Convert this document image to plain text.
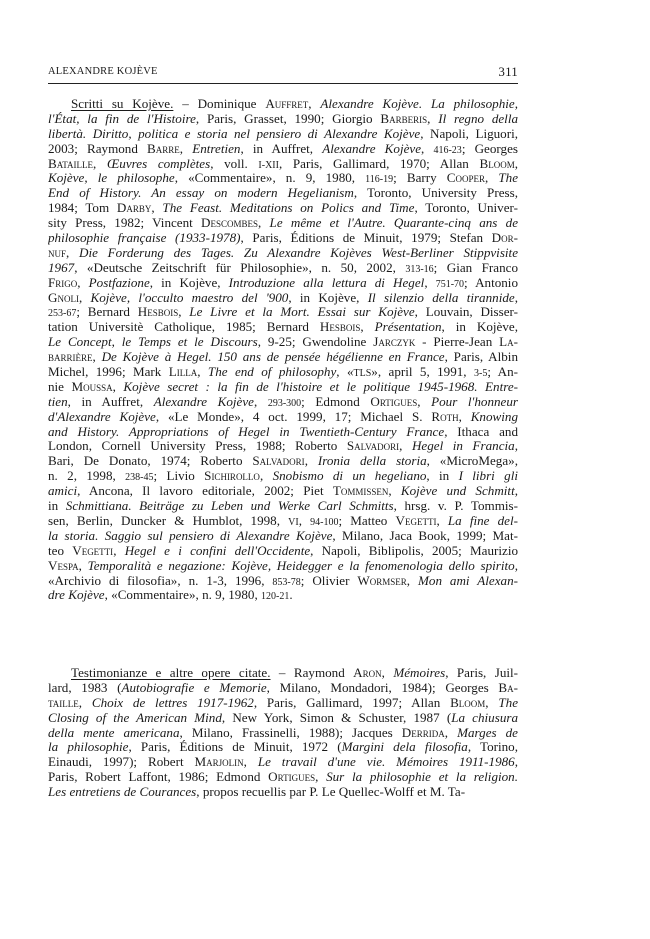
ALEXANDRE KOJÈVE	311
Scritti su Kojève. – Dominique Auffret, Alexandre Kojève. La philosophie,
l'État, la fin de l'Histoire, Paris, Grasset, 1990; Giorgio Barberis, Il regno della
libertà. Diritto, politica e storia nel pensiero di Alexandre Kojève, Napoli, Liguori,
2003; Raymond Barre, Entretien, in Auffret, Alexandre Kojève, 416-23; Georges
Bataille, Œuvres complètes, voll. I-XII, Paris, Gallimard, 1970; Allan Bloom,
Kojève, le philosophe, «Commentaire», n. 9, 1980, 116-19; Barry Cooper, The
End of History. An essay on modern Hegelianism, Toronto, University Press,
1984; Tom Darby, The Feast. Meditations on Polics and Time, Toronto, Univer-
sity Press, 1982; Vincent Descombes, Le même et l'Autre. Quarante-cinq ans de
philosophie française (1933-1978), Paris, Éditions de Minuit, 1979; Stefan Dor-
nuf, Die Forderung des Tages. Zu Alexandre Kojèves West-Berliner Stippvisite
1967, «Deutsche Zeitschrift für Philosophie», n. 50, 2002, 313-16; Gian Franco
Frigo, Postfazione, in Kojève, Introduzione alla lettura di Hegel, 751-70; Antonio
Gnoli, Kojève, l'occulto maestro del '900, in Kojève, Il silenzio della tirannide,
253-67; Bernard Hesbois, Le Livre et la Mort. Essai sur Kojève, Louvain, Disser-
tation Universitè Catholique, 1985; Bernard Hesbois, Présentation, in Kojève,
Le Concept, le Temps et le Discours, 9-25; Gwendoline Jarczyk - Pierre-Jean La-
barrière, De Kojève à Hegel. 150 ans de pensée hégélienne en France, Paris, Albin
Michel, 1996; Mark Lilla, The end of philosophy, «TLS», april 5, 1991, 3-5; An-
nie Moussa, Kojève secret : la fin de l'histoire et le politique 1945-1968. Entre-
tien, in Auffret, Alexandre Kojève, 293-300; Edmond Ortigues, Pour l'honneur
d'Alexandre Kojève, «Le Monde», 4 oct. 1999, 17; Michael S. Roth, Knowing
and History. Appropriations of Hegel in Twentieth-Century France, Ithaca and
London, Cornell University Press, 1988; Roberto Salvadori, Hegel in Francia,
Bari, De Donato, 1974; Roberto Salvadori, Ironia della storia, «MicroMega»,
n. 2, 1998, 238-45; Livio Sichirollo, Snobismo di un hegeliano, in I libri gli
amici, Ancona, Il lavoro editoriale, 2002; Piet Tommissen, Kojève und Schmitt,
in Schmittiana. Beiträge zu Leben und Werke Carl Schmitts, hrsg. v. P. Tommis-
sen, Berlin, Duncker & Humblot, 1998, VI, 94-100; Matteo Vegetti, La fine del-
la storia. Saggio sul pensiero di Alexandre Kojève, Milano, Jaca Book, 1999; Mat-
teo Vegetti, Hegel e i confini dell'Occidente, Napoli, Biblipolis, 2005; Maurizio
Vespa, Temporalità e negazione: Kojève, Heidegger e la fenomenologia dello spirito,
«Archivio di filosofia», n. 1-3, 1996, 853-78; Olivier Wormser, Mon ami Alexan-
dre Kojève, «Commentaire», n. 9, 1980, 120-21.
Testimonianze e altre opere citate. – Raymond Aron, Mémoires, Paris, Juil-
lard, 1983 (Autobiografie e Memorie, Milano, Mondadori, 1984); Georges Ba-
taille, Choix de lettres 1917-1962, Paris, Gallimard, 1997; Allan Bloom, The
Closing of the American Mind, New York, Simon & Schuster, 1987 (La chiusura
della mente americana, Milano, Frassinelli, 1988); Jacques Derrida, Marges de
la philosophie, Paris, Éditions de Minuit, 1972 (Margini dela filosofia, Torino,
Einaudi, 1997); Robert Marjolin, Le travail d'une vie. Mémoires 1911-1986,
Paris, Robert Laffont, 1986; Edmond Ortigues, Sur la philosophie et la religion.
Les entretiens de Courances, propos recuellis par P. Le Quellec-Wolff et M. Ta-
